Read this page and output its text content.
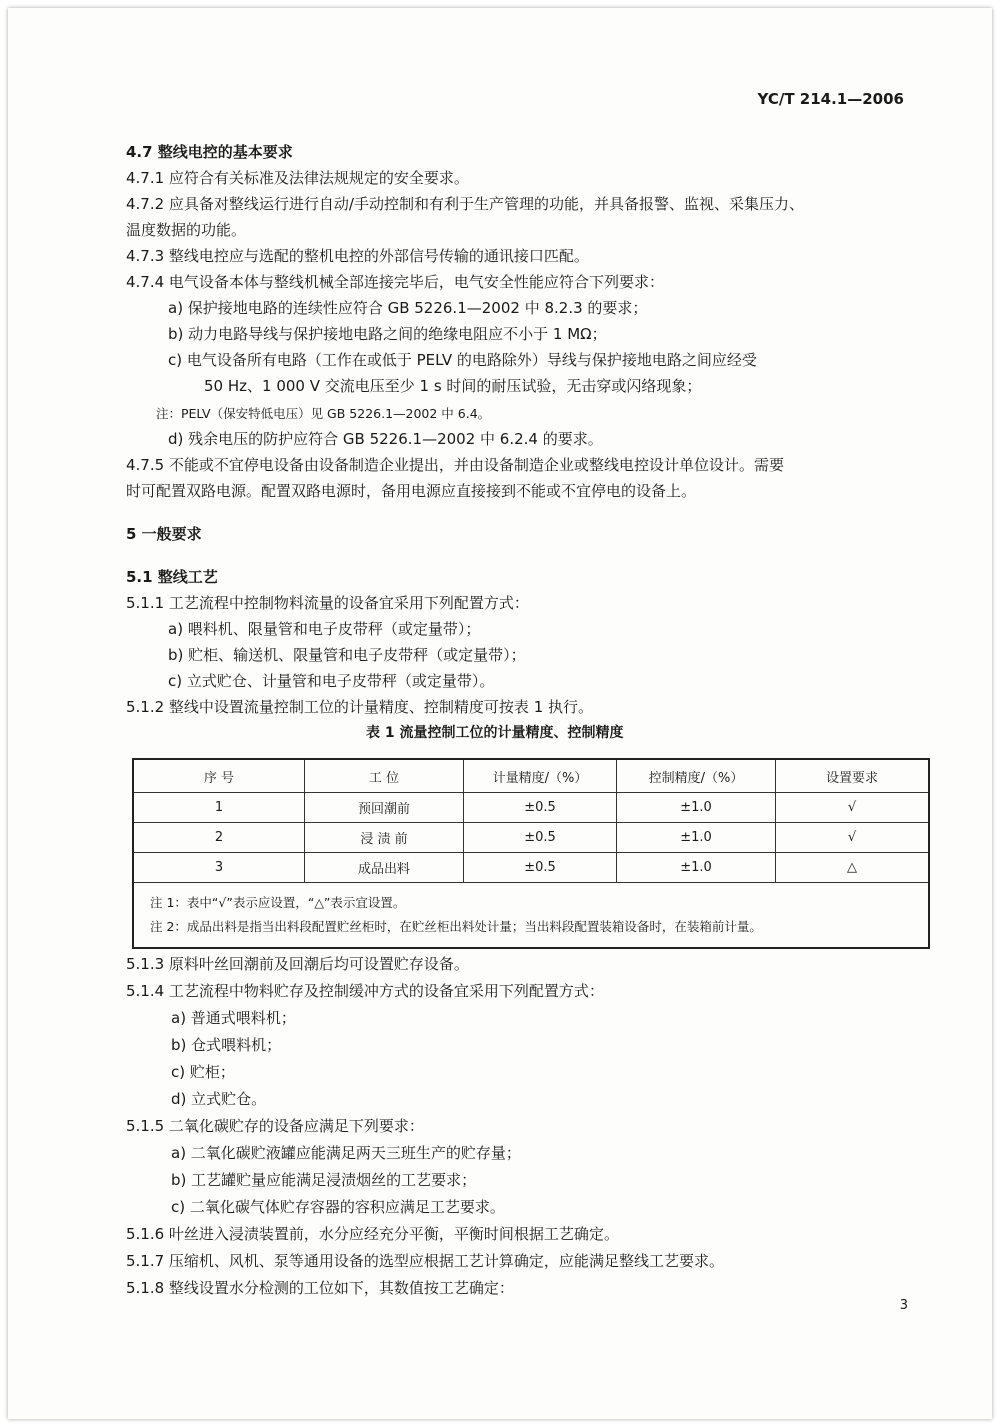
YC/T 214.1—2006
4.7 整线电控的基本要求
4.7.1 应符合有关标准及法律法规规定的安全要求。
4.7.2 应具备对整线运行进行自动/手动控制和有利于生产管理的功能，并具备报警、监视、采集压力、
温度数据的功能。
4.7.3 整线电控应与选配的整机电控的外部信号传输的通讯接口匹配。
4.7.4 电气设备本体与整线机械全部连接完毕后，电气安全性能应符合下列要求：
a) 保护接地电路的连续性应符合 GB 5226.1—2002 中 8.2.3 的要求；
b) 动力电路导线与保护接地电路之间的绝缘电阻应不小于 1 MΩ；
c) 电气设备所有电路（工作在或低于 PELV 的电路除外）导线与保护接地电路之间应经受
50 Hz、1 000 V 交流电压至少 1 s 时间的耐压试验，无击穿或闪络现象；
注：PELV（保安特低电压）见 GB 5226.1—2002 中 6.4。
d) 残余电压的防护应符合 GB 5226.1—2002 中 6.2.4 的要求。
4.7.5 不能或不宜停电设备由设备制造企业提出，并由设备制造企业或整线电控设计单位设计。需要
时可配置双路电源。配置双路电源时，备用电源应直接接到不能或不宜停电的设备上。
5 一般要求
5.1 整线工艺
5.1.1 工艺流程中控制物料流量的设备宜采用下列配置方式：
a) 喂料机、限量管和电子皮带秤（或定量带）；
b) 贮柜、输送机、限量管和电子皮带秤（或定量带）；
c) 立式贮仓、计量管和电子皮带秤（或定量带）。
5.1.2 整线中设置流量控制工位的计量精度、控制精度可按表 1 执行。
表 1 流量控制工位的计量精度、控制精度
序 号	工 位	计量精度/（%）	控制精度/（%）	设置要求
1	预回潮前	±0.5	±1.0	√
2	浸 渍 前	±0.5	±1.0	√
3	成品出料	±0.5	±1.0	△

注 1：表中“√”表示应设置，“△”表示宜设置。
注 2：成品出料是指当出料段配置贮丝柜时，在贮丝柜出料处计量；当出料段配置装箱设备时，在装箱前计量。				
5.1.3 原料叶丝回潮前及回潮后均可设置贮存设备。
5.1.4 工艺流程中物料贮存及控制缓冲方式的设备宜采用下列配置方式：
a) 普通式喂料机；
b) 仓式喂料机；
c) 贮柜；
d) 立式贮仓。
5.1.5 二氧化碳贮存的设备应满足下列要求：
a) 二氧化碳贮液罐应能满足两天三班生产的贮存量；
b) 工艺罐贮量应能满足浸渍烟丝的工艺要求；
c) 二氧化碳气体贮存容器的容积应满足工艺要求。
5.1.6 叶丝进入浸渍装置前，水分应经充分平衡，平衡时间根据工艺确定。
5.1.7 压缩机、风机、泵等通用设备的选型应根据工艺计算确定，应能满足整线工艺要求。
5.1.8 整线设置水分检测的工位如下，其数值按工艺确定：
3
